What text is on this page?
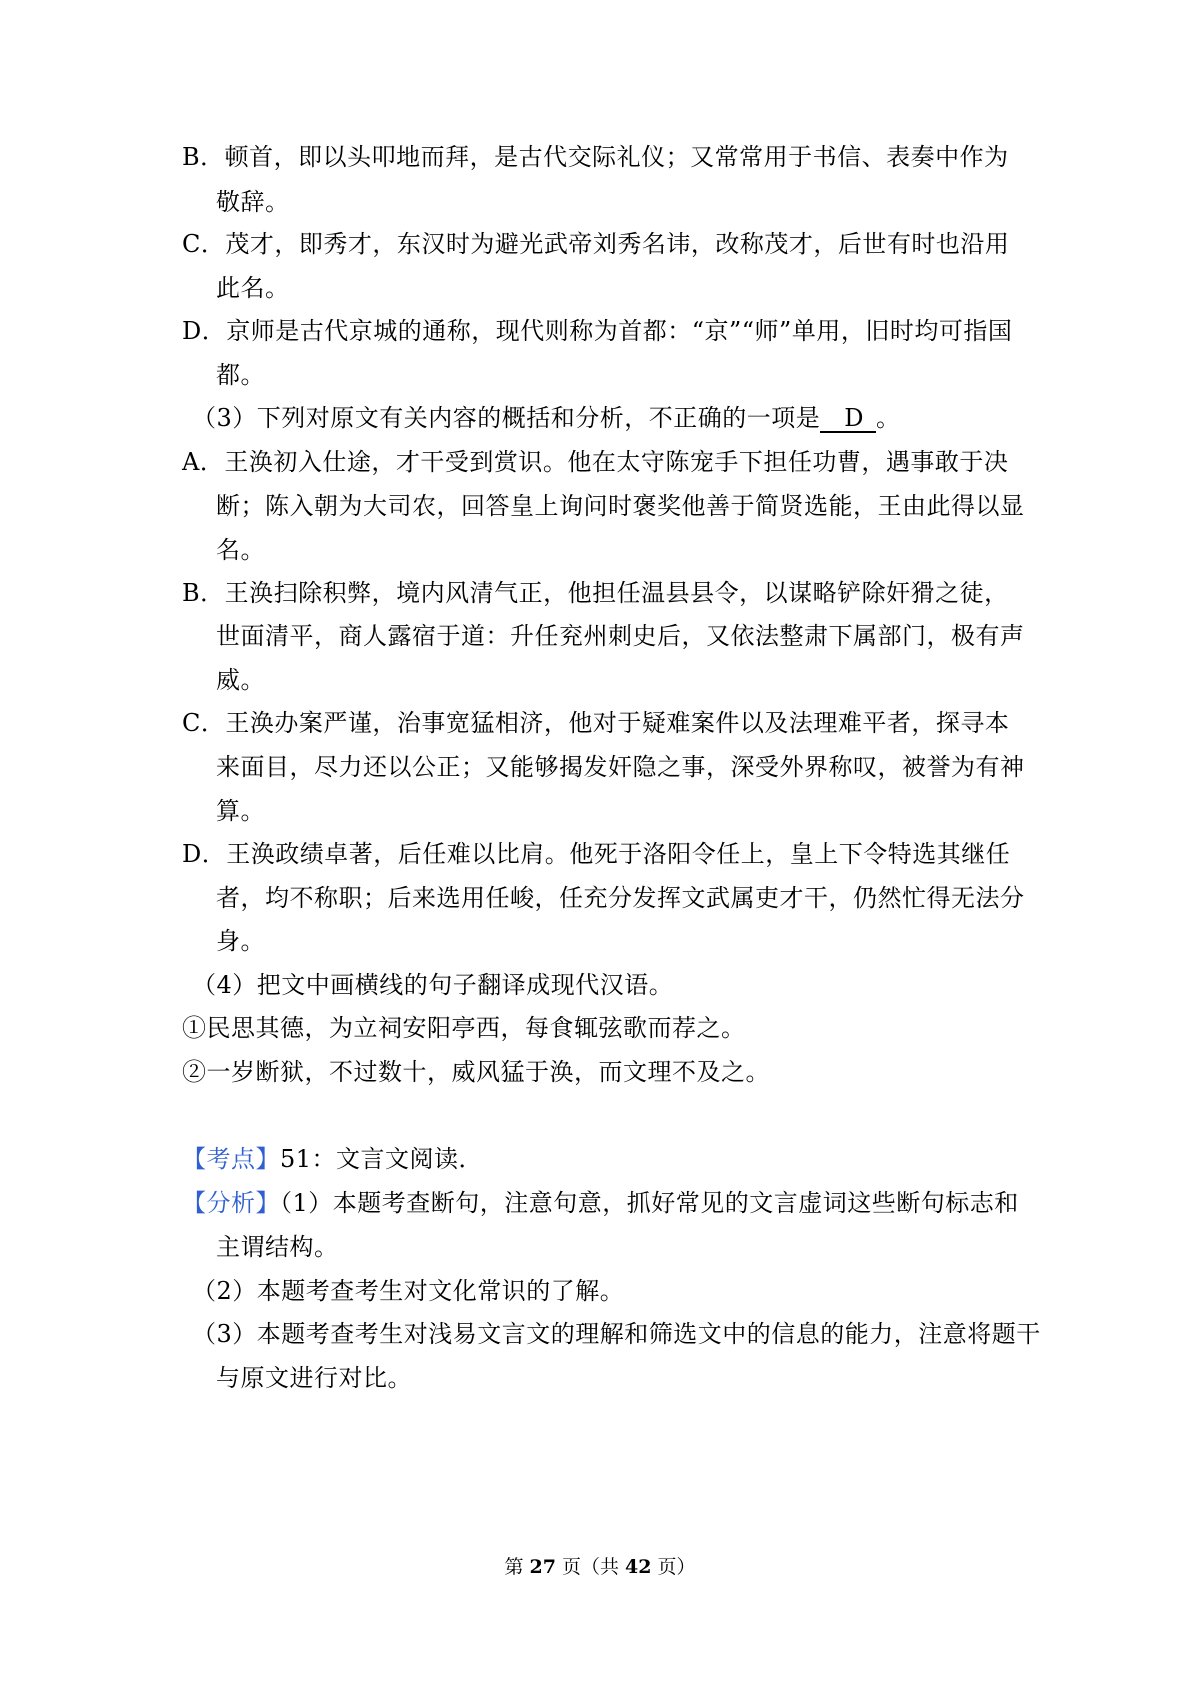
B．顿首，即以头叩地而拜，是古代交际礼仪；又常常用于书信、表奏中作为
敬辞。
C．茂才，即秀才，东汉时为避光武帝刘秀名讳，改称茂才，后世有时也沿用
此名。
D．京师是古代京城的通称，现代则称为首都：“京”“师”单用，旧时均可指国
都。
（3）下列对原文有关内容的概括和分析，不正确的一项是 D 。
A．王涣初入仕途，才干受到赏识。他在太守陈宠手下担任功曹，遇事敢于决
断；陈入朝为大司农，回答皇上询问时褒奖他善于简贤选能，王由此得以显
名。
B．王涣扫除积弊，境内风清气正，他担任温县县令，以谋略铲除奸猾之徒，
世面清平，商人露宿于道：升任兖州刺史后，又依法整肃下属部门，极有声
威。
C．王涣办案严谨，治事宽猛相济，他对于疑难案件以及法理难平者，探寻本
来面目，尽力还以公正；又能够揭发奸隐之事，深受外界称叹，被誉为有神
算。
D．王涣政绩卓著，后任难以比肩。他死于洛阳令任上，皇上下令特选其继任
者，均不称职；后来选用任峻，任充分发挥文武属吏才干，仍然忙得无法分
身。
（4）把文中画横线的句子翻译成现代汉语。
①民思其德，为立祠安阳亭西，每食辄弦歌而荐之。
②一岁断狱，不过数十，威风猛于涣，而文理不及之。
【考点】51：文言文阅读．
【分析】（1）本题考查断句，注意句意，抓好常见的文言虚词这些断句标志和
主谓结构。
（2）本题考查考生对文化常识的了解。
（3）本题考查考生对浅易文言文的理解和筛选文中的信息的能力，注意将题干
与原文进行对比。
第 27 页（共 42 页）
